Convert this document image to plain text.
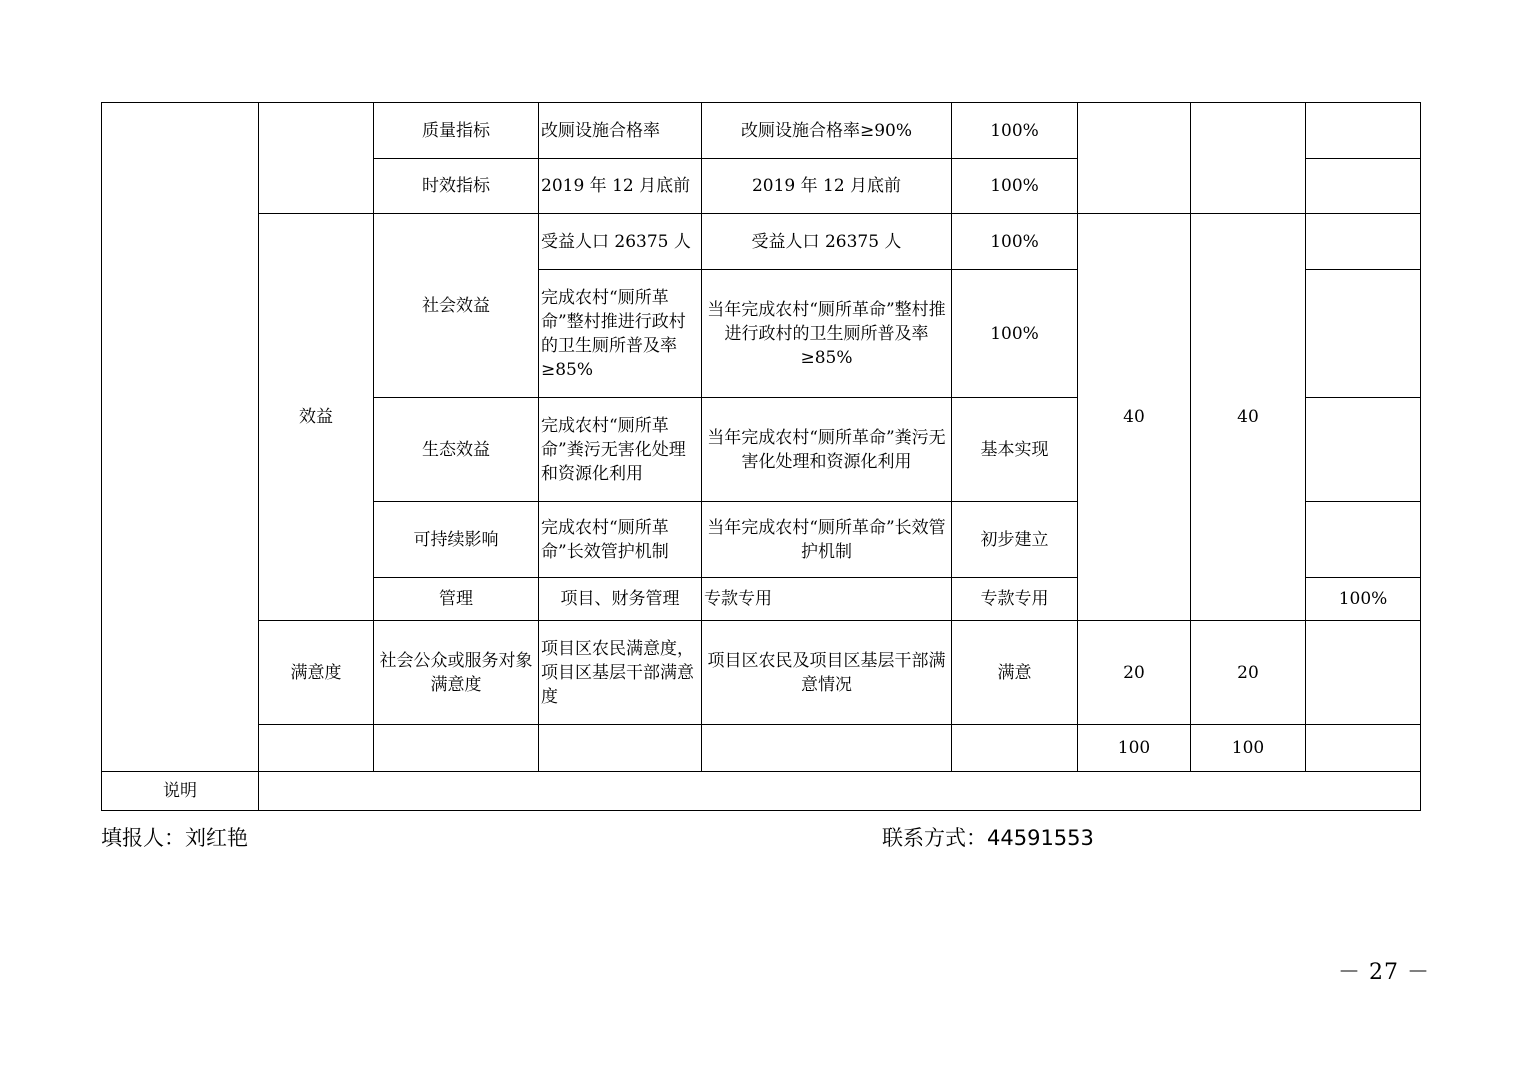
		质量指标	改厕设施合格率	改厕设施合格率≥90%	100%				
		时效指标	2019 年 12 月底前	2019 年 12 月底前	100%				
	效益	社会效益	受益人口 26375 人	受益人口 26375 人	100%	40	40		
			完成农村“厕所革命”整村推进行政村的卫生厕所普及率≥85%	当年完成农村“厕所革命”整村推进行政村的卫生厕所普及率≥85%	100%				
		生态效益	完成农村“厕所革命”粪污无害化处理和资源化利用	当年完成农村“厕所革命”粪污无害化处理和资源化利用	基本实现				
		可持续影响	完成农村“厕所革命”长效管护机制	当年完成农村“厕所革命”长效管护机制	初步建立				
		管理	项目、财务管理	专款专用	专款专用			100%			
	满意度	社会公众或服务对象满意度	项目区农民满意度，项目区基层干部满意度	项目区农民及项目区基层干部满意情况	满意	20	20		
						100	100		
说明	
填报人：刘红艳	联系方式：44591553
－ 27 －
